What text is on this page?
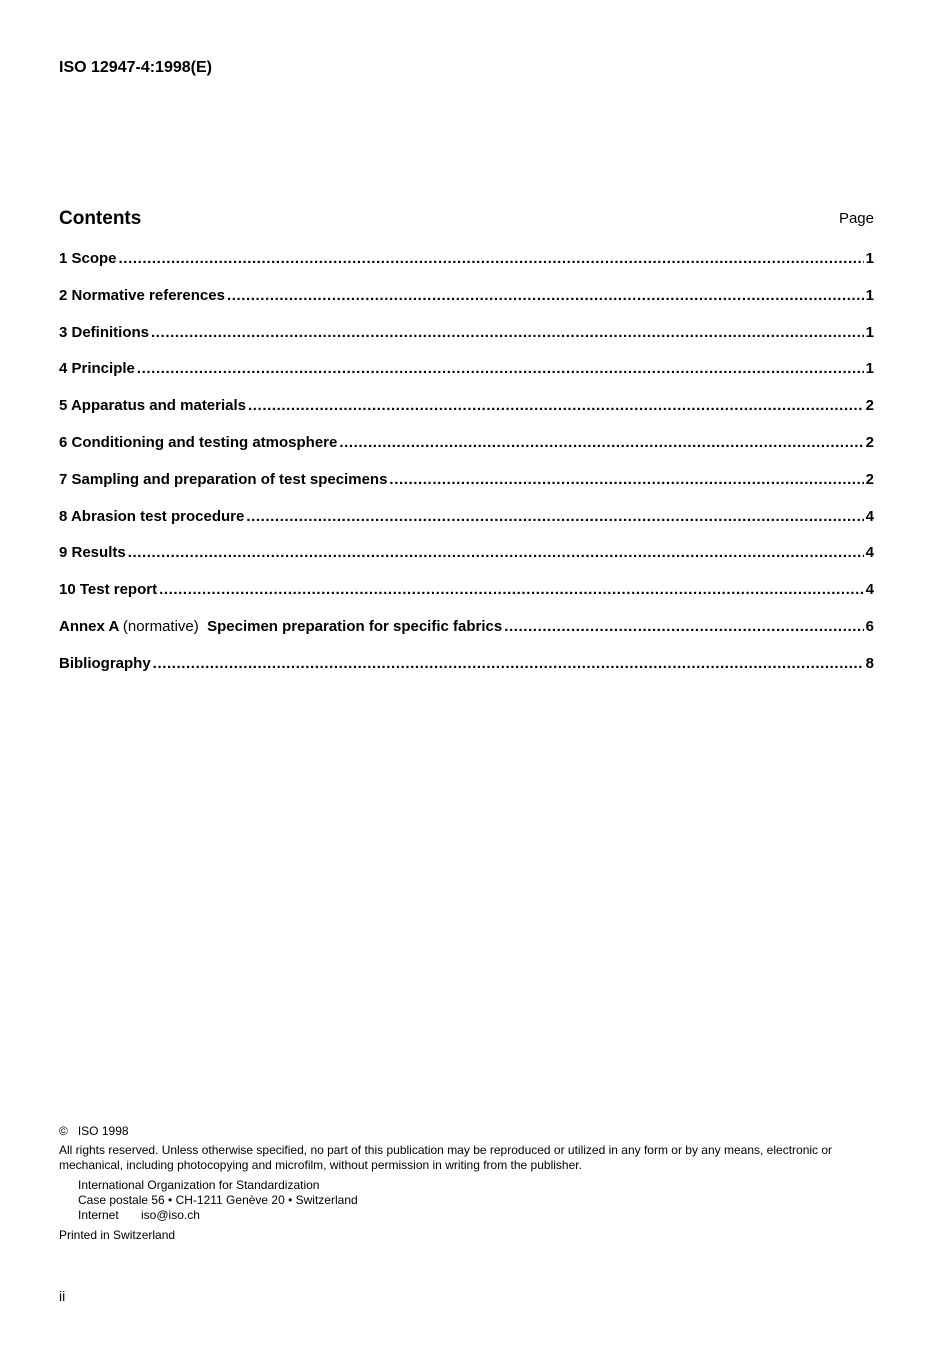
ISO 12947-4:1998(E)
Contents	Page
1 Scope .....	1
2 Normative references .....	1
3 Definitions .....	1
4 Principle .....	1
5 Apparatus and materials .....	2
6 Conditioning and testing atmosphere .....	2
7 Sampling and preparation of test specimens .....	2
8 Abrasion test procedure .....	4
9 Results .....	4
10 Test report .....	4
Annex A (normative) Specimen preparation for specific fabrics .....	6
Bibliography .....	8
© ISO 1998
All rights reserved. Unless otherwise specified, no part of this publication may be reproduced or utilized in any form or by any means, electronic or mechanical, including photocopying and microfilm, without permission in writing from the publisher.
International Organization for Standardization
Case postale 56 • CH-1211 Genève 20 • Switzerland
Internet iso@iso.ch
Printed in Switzerland
ii
